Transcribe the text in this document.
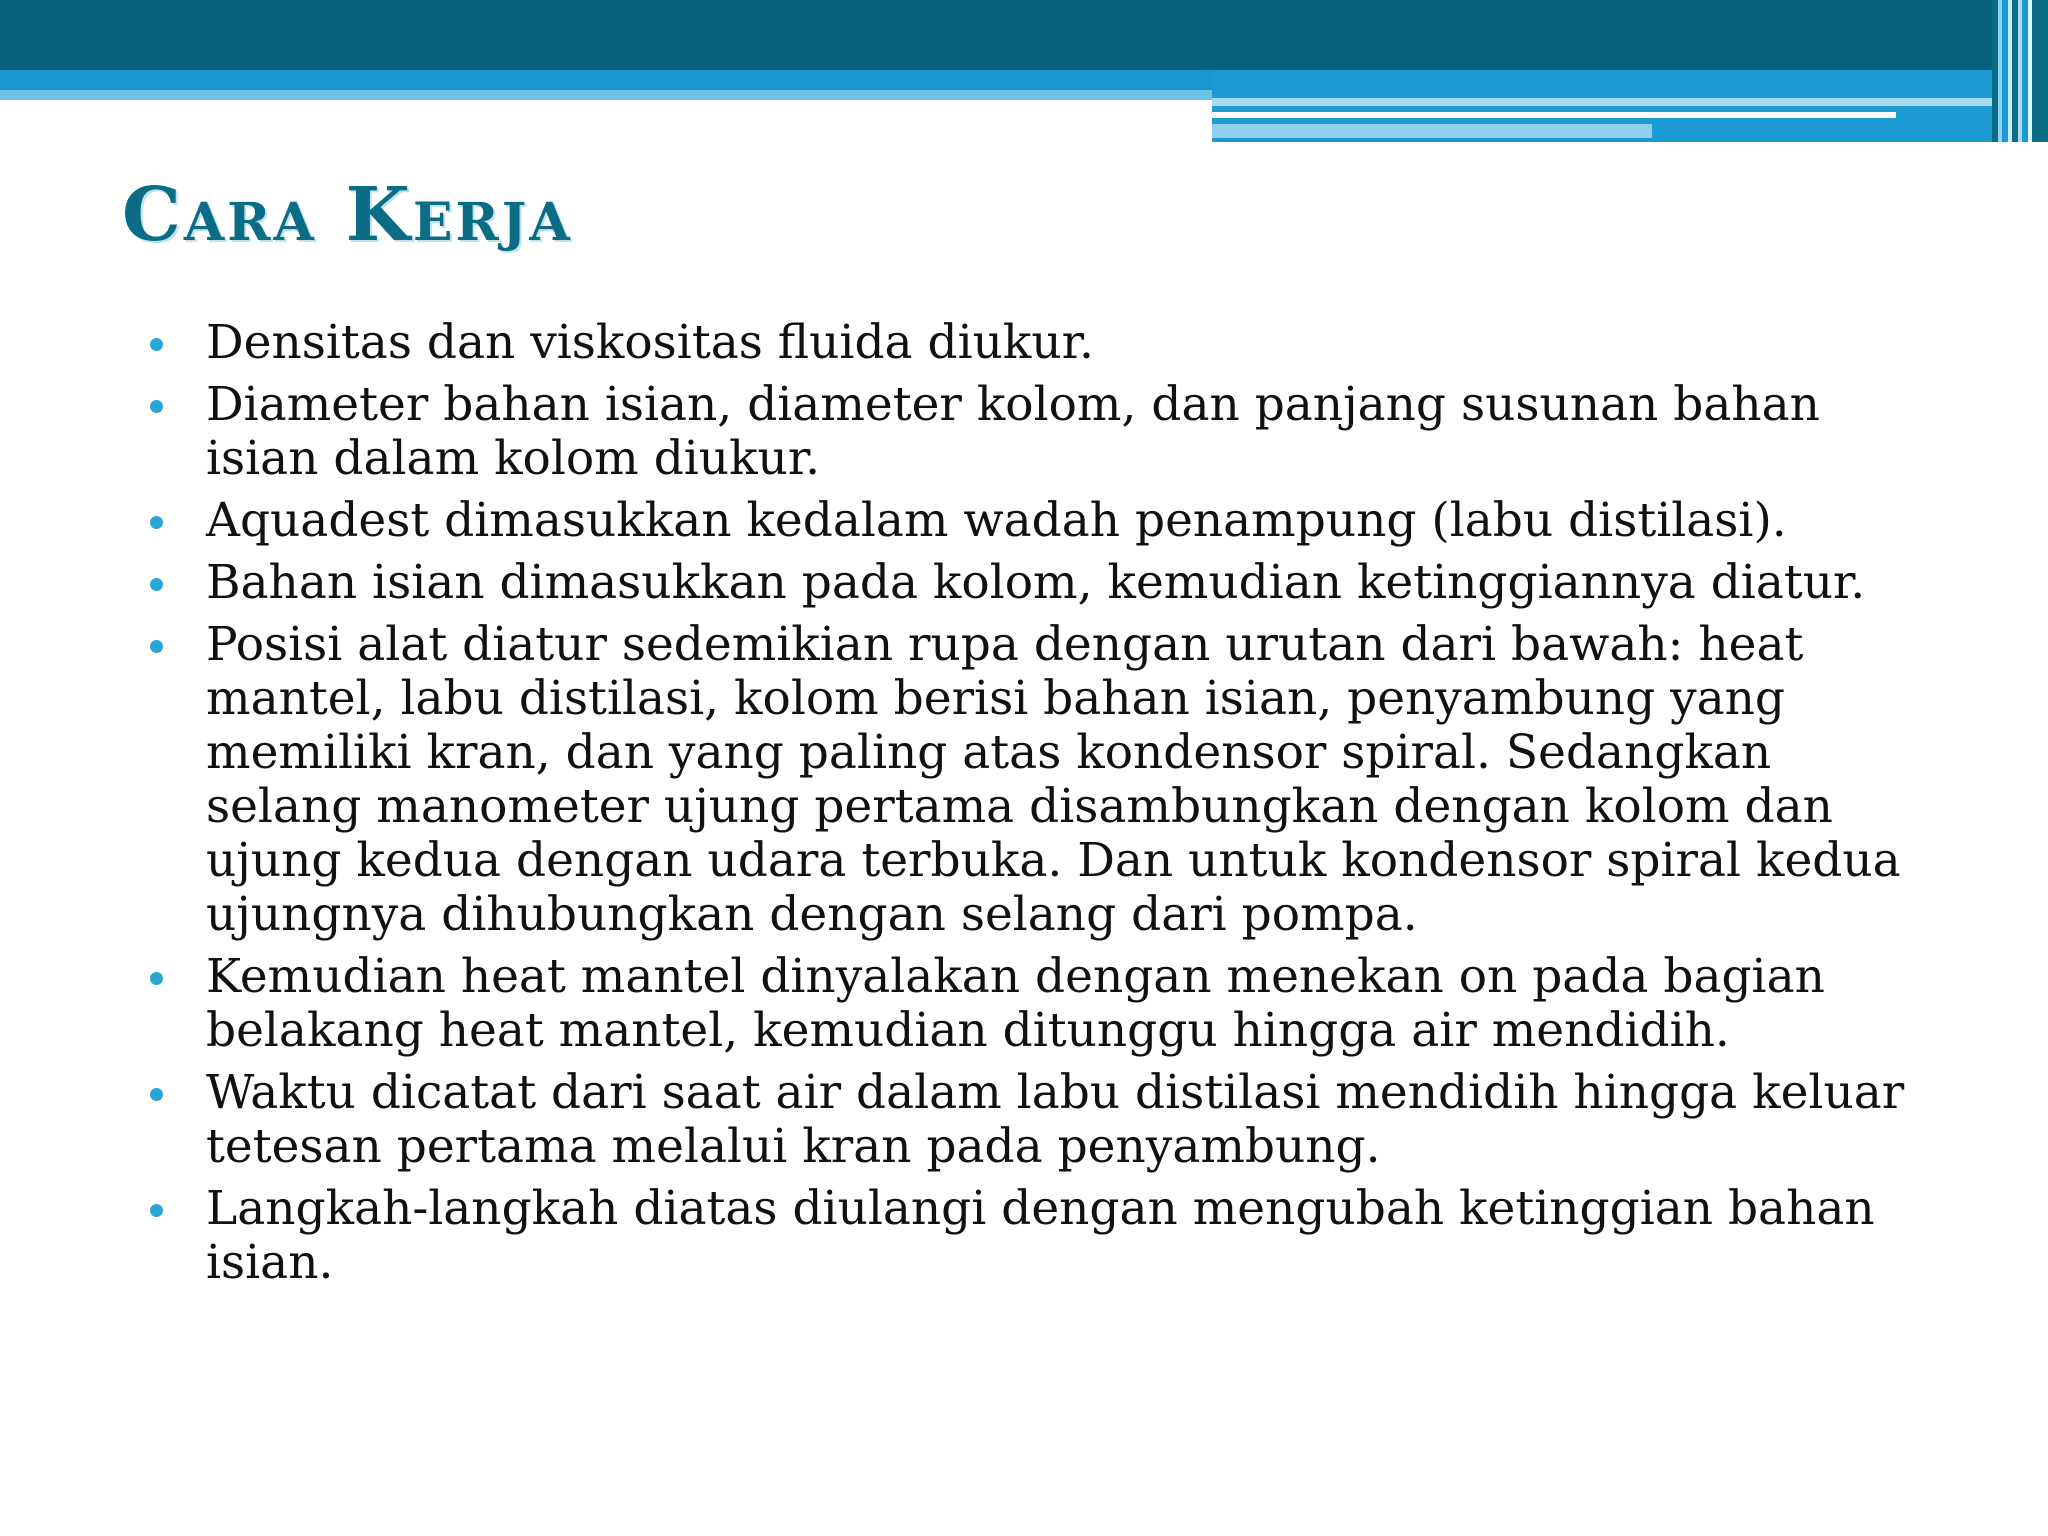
Cara Kerja
Densitas dan viskositas fluida diukur.
Diameter bahan isian, diameter kolom, dan panjang susunan bahan isian dalam kolom diukur.
Aquadest dimasukkan kedalam wadah penampung (labu distilasi).
Bahan isian dimasukkan pada kolom, kemudian ketinggiannya diatur.
Posisi alat diatur sedemikian rupa dengan urutan dari bawah: heat mantel, labu distilasi, kolom berisi bahan isian, penyambung yang memiliki kran, dan yang paling atas kondensor spiral. Sedangkan selang manometer ujung pertama disambungkan dengan kolom dan ujung kedua dengan udara terbuka. Dan untuk kondensor spiral kedua ujungnya dihubungkan dengan selang dari pompa.
Kemudian heat mantel dinyalakan dengan menekan on pada bagian belakang heat mantel, kemudian ditunggu hingga air mendidih.
Waktu dicatat dari saat air dalam labu distilasi mendidih hingga keluar tetesan pertama melalui kran pada penyambung.
Langkah-langkah diatas diulangi dengan mengubah ketinggian bahan isian.
